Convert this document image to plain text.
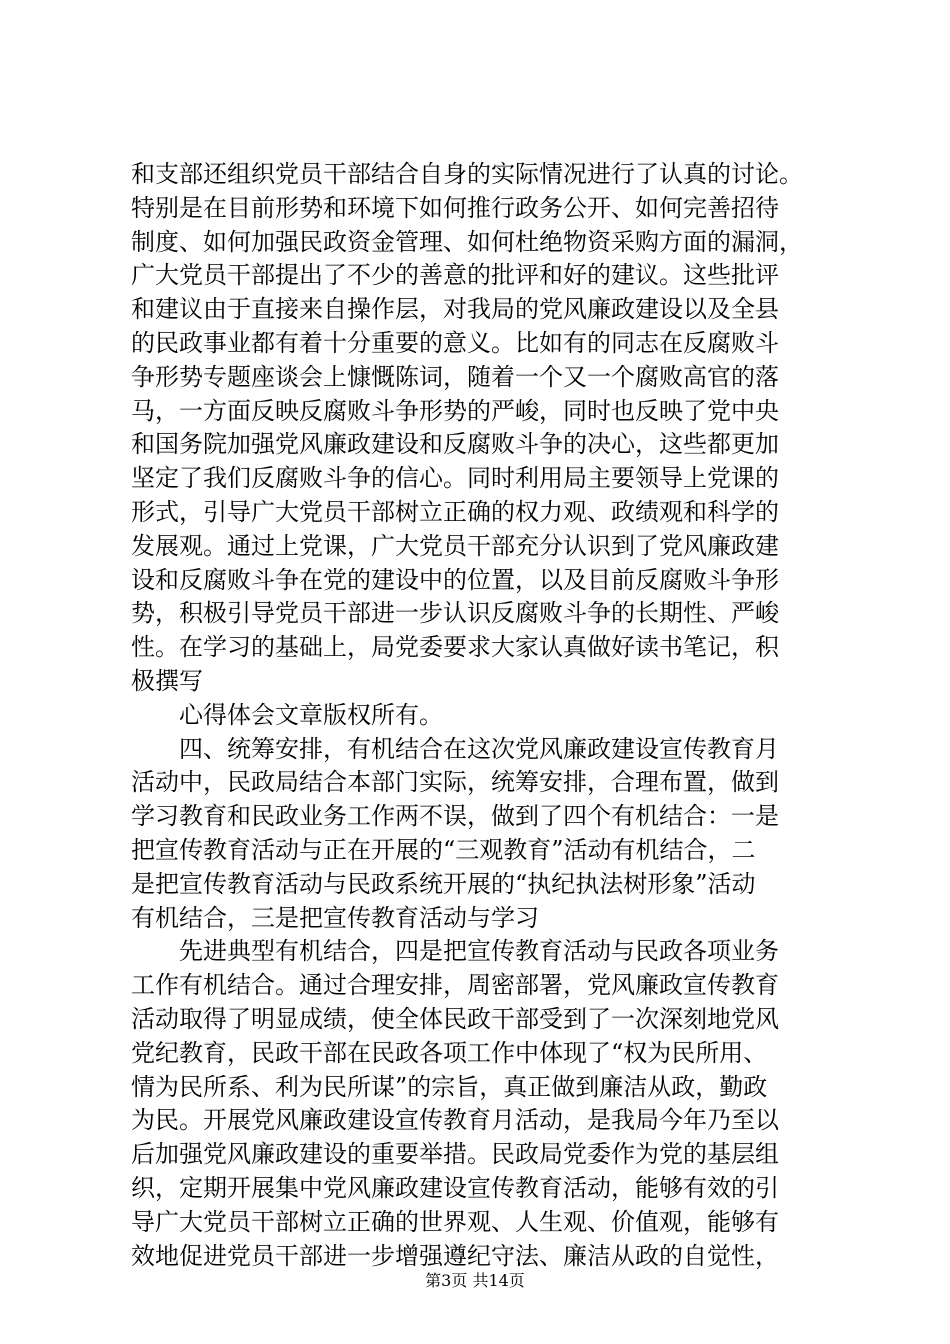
和支部还组织党员干部结合自身的实际情况进行了认真的讨论。
特别是在目前形势和环境下如何推行政务公开、如何完善招待
制度、如何加强民政资金管理、如何杜绝物资采购方面的漏洞，
广大党员干部提出了不少的善意的批评和好的建议。这些批评
和建议由于直接来自操作层，对我局的党风廉政建设以及全县
的民政事业都有着十分重要的意义。比如有的同志在反腐败斗
争形势专题座谈会上慷慨陈词，随着一个又一个腐败高官的落
马，一方面反映反腐败斗争形势的严峻，同时也反映了党中央
和国务院加强党风廉政建设和反腐败斗争的决心，这些都更加
坚定了我们反腐败斗争的信心。同时利用局主要领导上党课的
形式，引导广大党员干部树立正确的权力观、政绩观和科学的
发展观。通过上党课，广大党员干部充分认识到了党风廉政建
设和反腐败斗争在党的建设中的位置，以及目前反腐败斗争形
势，积极引导党员干部进一步认识反腐败斗争的长期性、严峻
性。在学习的基础上，局党委要求大家认真做好读书笔记，积
极撰写
　　心得体会文章版权所有。
　　四、统筹安排，有机结合在这次党风廉政建设宣传教育月
活动中，民政局结合本部门实际，统筹安排，合理布置，做到
学习教育和民政业务工作两不误，做到了四个有机结合：一是
把宣传教育活动与正在开展的“三观教育”活动有机结合，二
是把宣传教育活动与民政系统开展的“执纪执法树形象”活动
有机结合，三是把宣传教育活动与学习
　　先进典型有机结合，四是把宣传教育活动与民政各项业务
工作有机结合。通过合理安排，周密部署，党风廉政宣传教育
活动取得了明显成绩，使全体民政干部受到了一次深刻地党风
党纪教育，民政干部在民政各项工作中体现了“权为民所用、
情为民所系、利为民所谋”的宗旨，真正做到廉洁从政，勤政
为民。开展党风廉政建设宣传教育月活动，是我局今年乃至以
后加强党风廉政建设的重要举措。民政局党委作为党的基层组
织，定期开展集中党风廉政建设宣传教育活动，能够有效的引
导广大党员干部树立正确的世界观、人生观、价值观，能够有
效地促进党员干部进一步增强遵纪守法、廉洁从政的自觉性，
第3页 共14页
